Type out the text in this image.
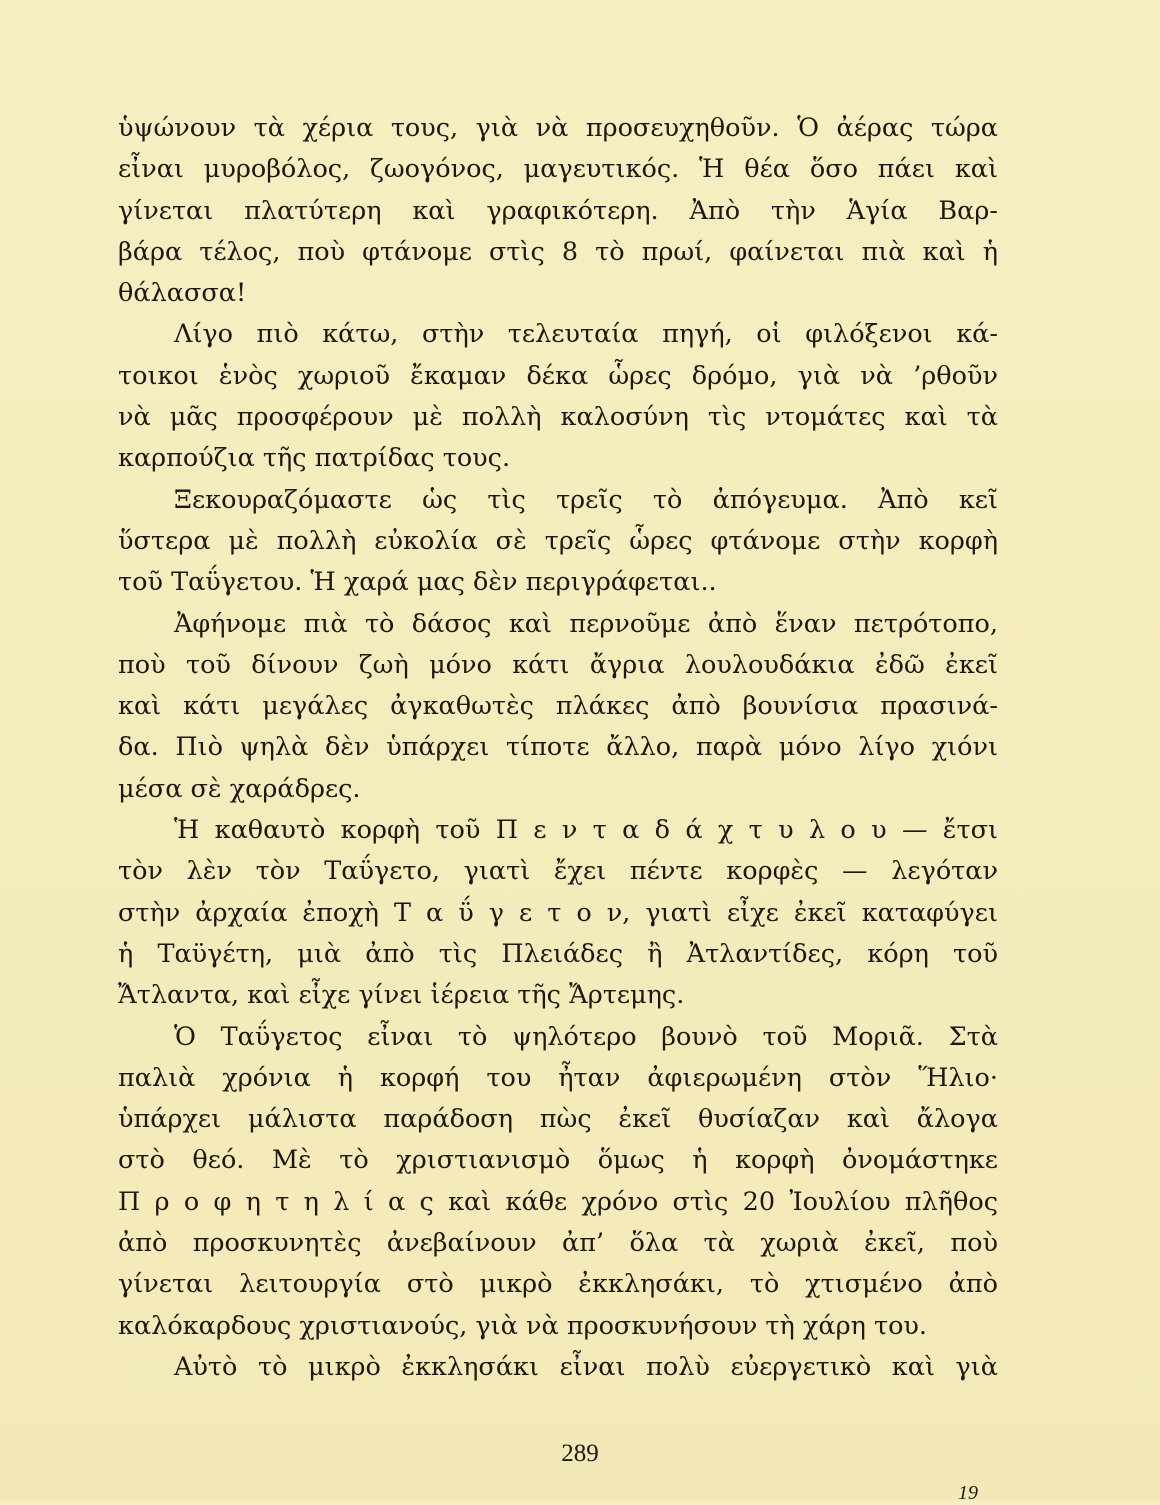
ὑψώνουν τὰ χέρια τους, γιὰ νὰ προσευχηθοῦν. Ὁ ἀέρας τώρα
εἶναι μυροβόλος, ζωογόνος, μαγευτικός. Ἡ θέα ὅσο πάει καὶ
γίνεται πλατύτερη καὶ γραφικότερη. Ἀπὸ τὴν Ἁγία Βαρ-
βάρα τέλος, ποὺ φτάνομε στὶς 8 τὸ πρωί, φαίνεται πιὰ καὶ ἡ
θάλασσα!

Λίγο πιὸ κάτω, στὴν τελευταία πηγή, οἱ φιλόξενοι κά-
τοικοι ἑνὸς χωριοῦ ἔκαμαν δέκα ὧρες δρόμο, γιὰ νὰ ’ρθοῦν
νὰ μᾶς προσφέρουν μὲ πολλὴ καλοσύνη τὶς ντομάτες καὶ τὰ
καρπούζια τῆς πατρίδας τους.

Ξεκουραζόμαστε ὡς τὶς τρεῖς τὸ ἀπόγευμα. Ἀπὸ κεῖ
ὕστερα μὲ πολλὴ εὐκολία σὲ τρεῖς ὧρες φτάνομε στὴν κορφὴ
τοῦ Ταΰγετου. Ἡ χαρά μας δὲν περιγράφεται..

Ἀφήνομε πιὰ τὸ δάσος καὶ περνοῦμε ἀπὸ ἕναν πετρότοπο,
ποὺ τοῦ δίνουν ζωὴ μόνο κάτι ἄγρια λουλουδάκια ἐδῶ ἐκεῖ
καὶ κάτι μεγάλες ἀγκαθωτὲς πλάκες ἀπὸ βουνίσια πρασινά-
δα. Πιὸ ψηλὰ δὲν ὑπάρχει τίποτε ἄλλο, παρὰ μόνο λίγο χιόνι
μέσα σὲ χαράδρες.

Ἡ καθαυτὸ κορφὴ τοῦ Π ε ν τ α δ ά χ τ υ λ ο υ — ἔτσι
τὸν λὲν τὸν Ταΰγετο, γιατὶ ἔχει πέντε κορφὲς — λεγόταν
στὴν ἀρχαία ἐποχὴ Τ α ΰ γ ε τ ο ν, γιατὶ εἶχε ἐκεῖ καταφύγει
ἡ Ταϋγέτη, μιὰ ἀπὸ τὶς Πλειάδες ἢ Ἀτλαντίδες, κόρη τοῦ
Ἄτλαντα, καὶ εἶχε γίνει ἱέρεια τῆς Ἄρτεμης.

Ὁ Ταΰγετος εἶναι τὸ ψηλότερο βουνὸ τοῦ Μοριᾶ. Στὰ
παλιὰ χρόνια ἡ κορφή του ἦταν ἀφιερωμένη στὸν Ἥλιο·
ὑπάρχει μάλιστα παράδοση πὼς ἐκεῖ θυσίαζαν καὶ ἄλογα
στὸ θεό. Μὲ τὸ χριστιανισμὸ ὅμως ἡ κορφὴ ὀνομάστηκε
Π ρ ο φ η τ η λ ί α ς καὶ κάθε χρόνο στὶς 20 Ἰουλίου πλῆθος
ἀπὸ προσκυνητὲς ἀνεβαίνουν ἀπ’ ὅλα τὰ χωριὰ ἐκεῖ, ποὺ
γίνεται λειτουργία στὸ μικρὸ ἐκκλησάκι, τὸ χτισμένο ἀπὸ
καλόκαρδους χριστιανούς, γιὰ νὰ προσκυνήσουν τὴ χάρη του.

Αὐτὸ τὸ μικρὸ ἐκκλησάκι εἶναι πολὺ εὐεργετικὸ καὶ γιὰ

289
19
